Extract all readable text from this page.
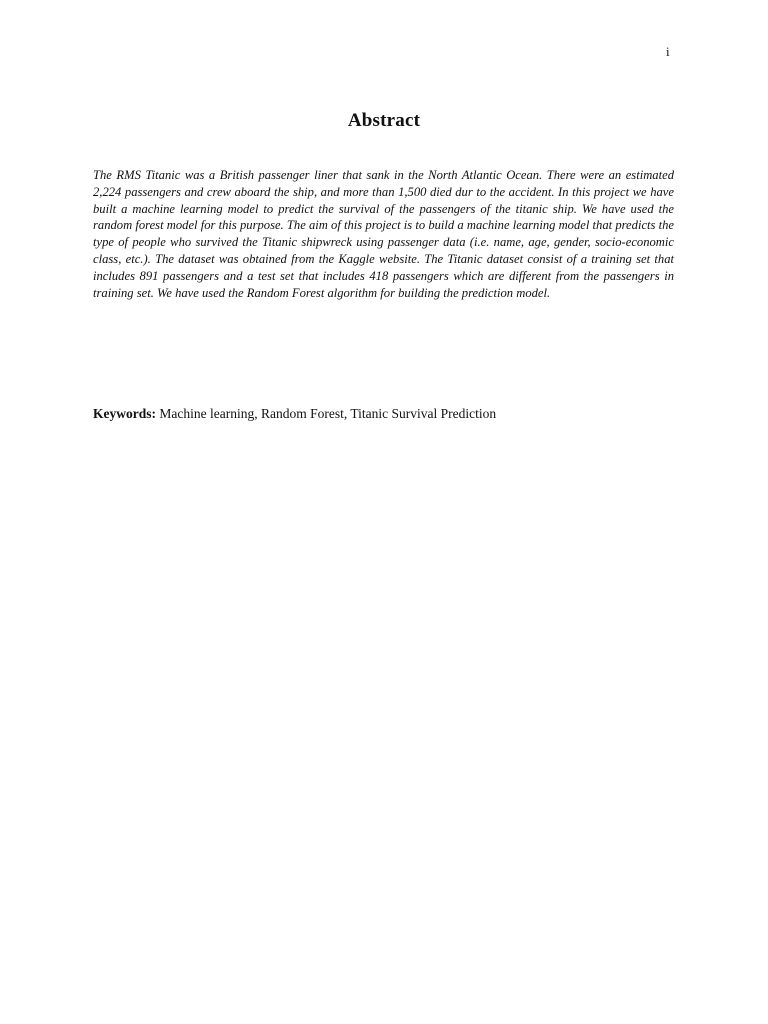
i
Abstract

The RMS Titanic was a British passenger liner that sank in the North Atlantic Ocean. There were an estimated 2,224 passengers and crew aboard the ship, and more than 1,500 died dur to the accident. In this project we have built a machine learning model to predict the survival of the passengers of the titanic ship. We have used the random forest model for this purpose. The aim of this project is to build a machine learning model that predicts the type of people who survived the Titanic shipwreck using passenger data (i.e. name, age, gender, socio-economic class, etc.). The dataset was obtained from the Kaggle website. The Titanic dataset consist of a training set that includes 891 passengers and a test set that includes 418 passengers which are different from the passengers in training set. We have used the Random Forest algorithm for building the prediction model.

Keywords: Machine learning, Random Forest, Titanic Survival Prediction
